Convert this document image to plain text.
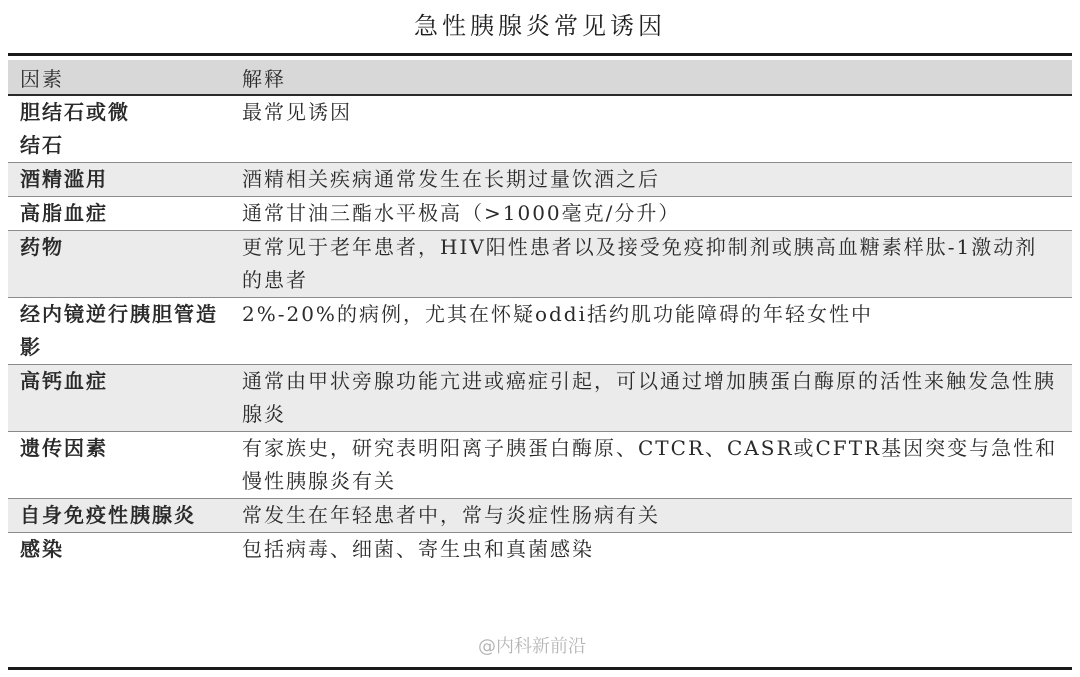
急性胰腺炎常见诱因
因素	解释
胆结石或微结石	最常见诱因
酒精滥用	酒精相关疾病通常发生在长期过量饮酒之后
高脂血症	通常甘油三酯水平极高（>1000毫克/分升）
药物	更常见于老年患者，HIV阳性患者以及接受免疫抑制剂或胰高血糖素样肽-1激动剂的患者
经内镜逆行胰胆管造影	2%-20%的病例，尤其在怀疑oddi括约肌功能障碍的年轻女性中
高钙血症	通常由甲状旁腺功能亢进或癌症引起，可以通过增加胰蛋白酶原的活性来触发急性胰腺炎
遗传因素	有家族史，研究表明阳离子胰蛋白酶原、CTCR、CASR或CFTR基因突变与急性和慢性胰腺炎有关
自身免疫性胰腺炎	常发生在年轻患者中，常与炎症性肠病有关
感染	包括病毒、细菌、寄生虫和真菌感染
@内科新前沿
